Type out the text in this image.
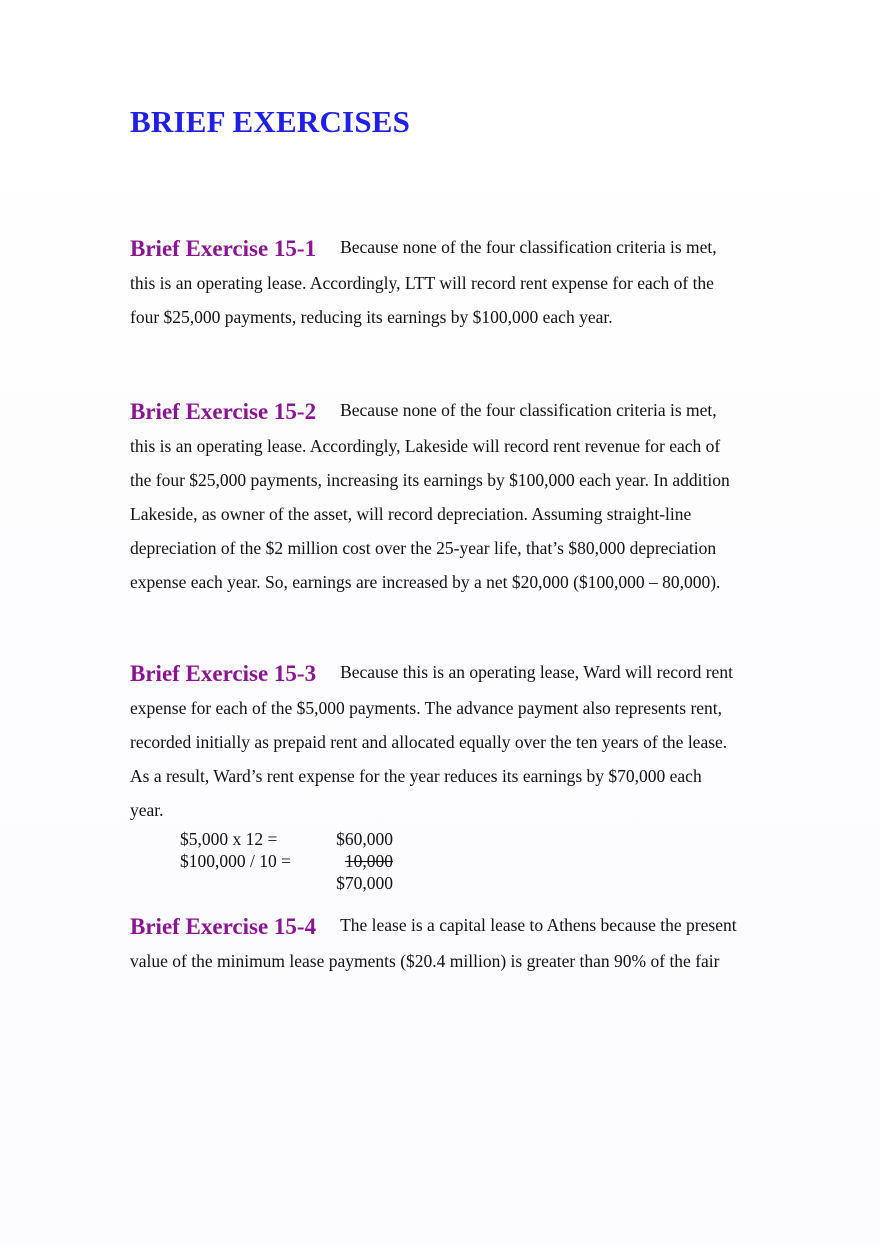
BRIEF EXERCISES
Brief Exercise 15-1 Because none of the four classification criteria is met,
this is an operating lease. Accordingly, LTT will record rent expense for each of the
four $25,000 payments, reducing its earnings by $100,000 each year.
Brief Exercise 15-2 Because none of the four classification criteria is met,
this is an operating lease. Accordingly, Lakeside will record rent revenue for each of
the four $25,000 payments, increasing its earnings by $100,000 each year. In addition
Lakeside, as owner of the asset, will record depreciation. Assuming straight-line
depreciation of the $2 million cost over the 25-year life, that’s $80,000 depreciation
expense each year. So, earnings are increased by a net $20,000 ($100,000 – 80,000).
Brief Exercise 15-3 Because this is an operating lease, Ward will record rent
expense for each of the $5,000 payments. The advance payment also represents rent,
recorded initially as prepaid rent and allocated equally over the ten years of the lease.
As a result, Ward’s rent expense for the year reduces its earnings by $70,000 each
year.
$5,000 x 12 =	$60,000
$100,000 / 10 =	10,000
$70,000
Brief Exercise 15-4 The lease is a capital lease to Athens because the present
value of the minimum lease payments ($20.4 million) is greater than 90% of the fair
